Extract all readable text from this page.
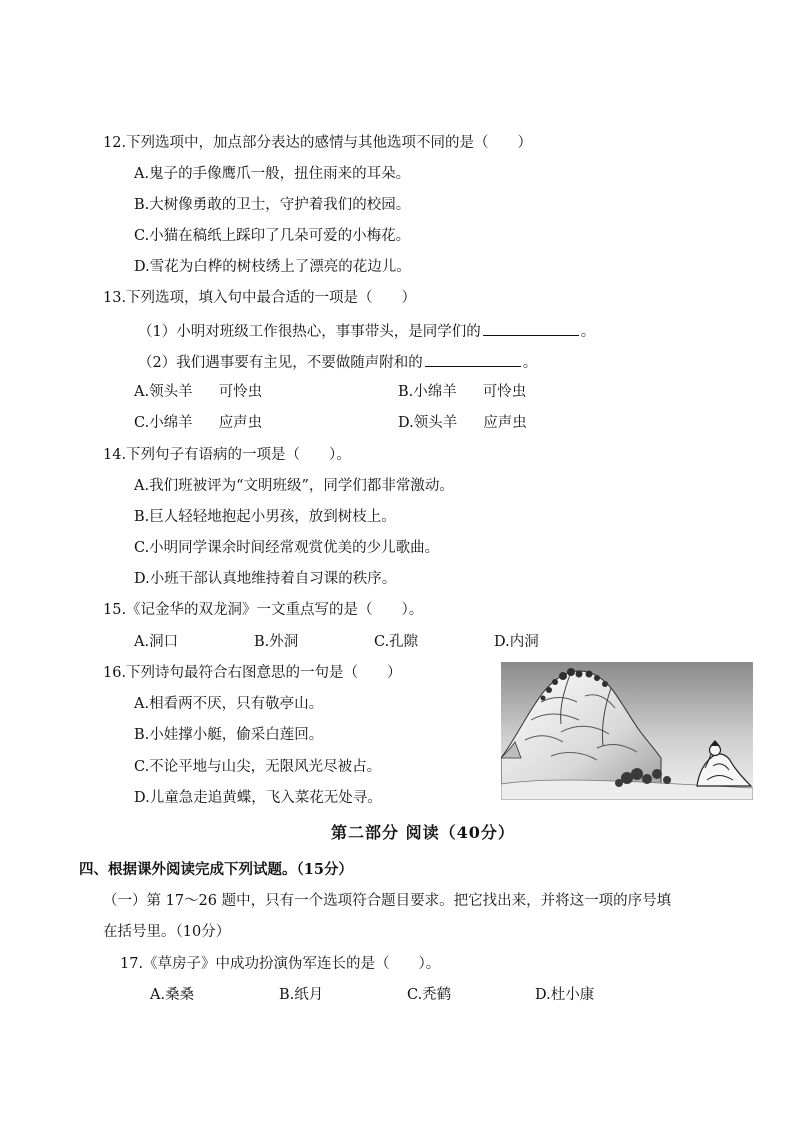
12.下列选项中，加点部分表达的感情与其他选项不同的是（　　）
A.鬼子的手像鹰爪一般，扭住雨来的耳朵。
B.大树像勇敢的卫士，守护着我们的校园。
C.小猫在稿纸上踩印了几朵可爱的小梅花。
D.雪花为白桦的树枝绣上了漂亮的花边儿。
13.下列选项，填入句中最合适的一项是（　　）
（1）小明对班级工作很热心，事事带头，是同学们的	。
（2）我们遇事要有主见，不要做随声附和的	。
A.领头羊 可怜虫	B.小绵羊 可怜虫
C.小绵羊 应声虫	D.领头羊 应声虫
14.下列句子有语病的一项是（　　）。
A.我们班被评为“文明班级”，同学们都非常激动。
B.巨人轻轻地抱起小男孩，放到树枝上。
C.小明同学课余时间经常观赏优美的少儿歌曲。
D.小班干部认真地维持着自习课的秩序。
15.《记金华的双龙洞》一文重点写的是（　　）。
A.洞口	B.外洞	C.孔隙	D.内洞
16.下列诗句最符合右图意思的一句是（　　）
A.相看两不厌，只有敬亭山。
B.小娃撑小艇，偷采白莲回。
C.不论平地与山尖，无限风光尽被占。
D.儿童急走追黄蝶，飞入菜花无处寻。
第二部分 阅读（40分）
四、根据课外阅读完成下列试题。（15分）
（一）第 17～26 题中，只有一个选项符合题目要求。把它找出来，并将这一项的序号填
在括号里。（10分）
17.《草房子》中成功扮演伪军连长的是（　　）。
A.桑桑	B.纸月	C.秃鹤	D.杜小康
